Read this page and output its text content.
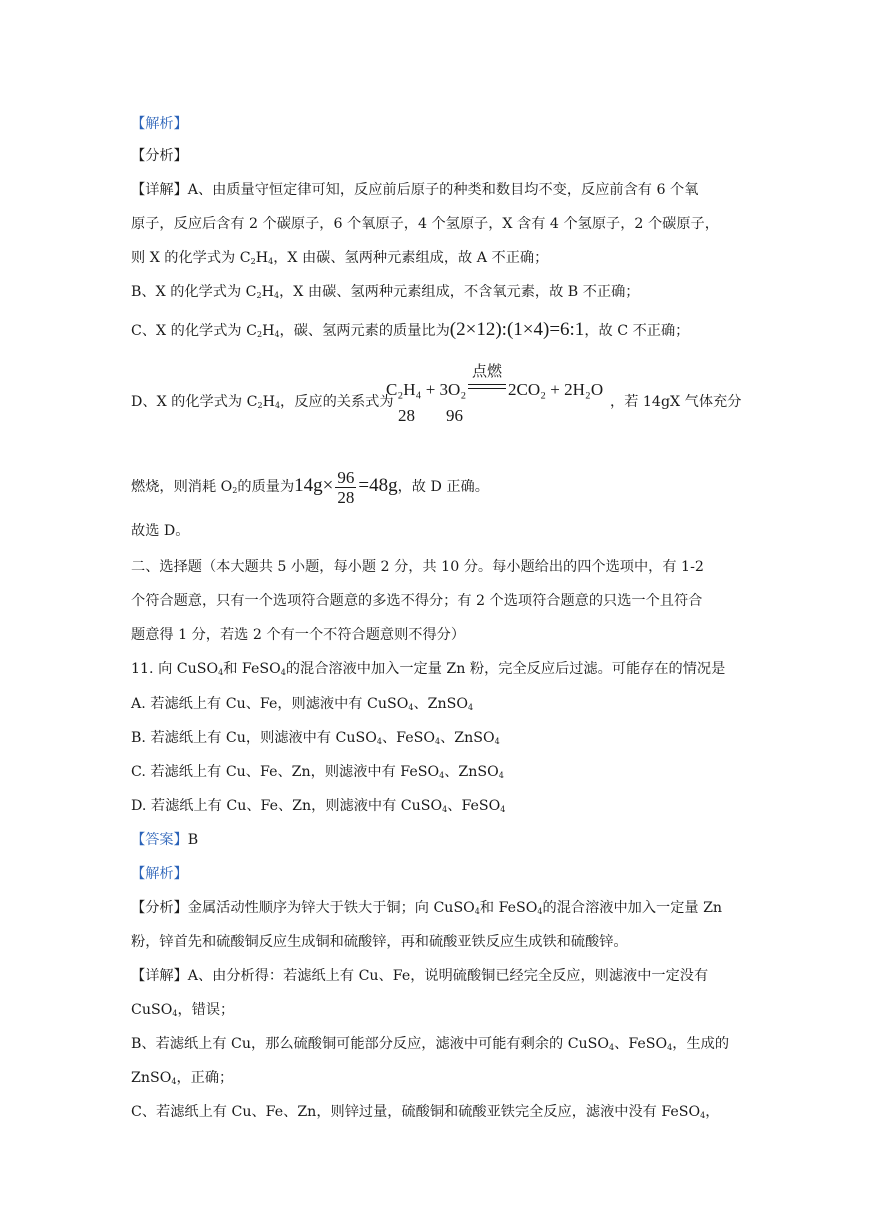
【解析】
【分析】
【详解】A、由质量守恒定律可知，反应前后原子的种类和数目均不变，反应前含有 6 个氧
原子，反应后含有 2 个碳原子，6 个氧原子，4 个氢原子，X 含有 4 个氢原子，2 个碳原子，
则 X 的化学式为 $C_2H_4$，X 由碳、氢两种元素组成，故 A 不正确；
B、X 的化学式为 $C_2H_4$，X 由碳、氢两种元素组成，不含氧元素，故 B 不正确；
C、X 的化学式为 $C_2H_4$，碳、氢两元素的质量比为(2×12):(1×4)=6:1，故 C 不正确；
D、X 的化学式为 $C_2H_4$，反应的关系式为
C₂H₄ + 3O₂
点燃
2CO₂ + 2H₂O
28 96
，若 14gX 气体充分
燃烧，则消耗 $O_2$的质量为$14g\times \frac{96}{28} =48g$，故 D 正确。
故选 D。
二、选择题（本大题共 5 小题，每小题 2 分，共 10 分。每小题给出的四个选项中，有 1-2
个符合题意，只有一个选项符合题意的多选不得分；有 2 个选项符合题意的只选一个且符合
题意得 1 分，若选 2 个有一个不符合题意则不得分）
11. 向 CuSO$_4$和 FeSO$_4$的混合溶液中加入一定量 Zn 粉，完全反应后过滤。可能存在的情况是
A. 若滤纸上有 Cu、Fe，则滤液中有 CuSO$_4$、ZnSO$_4$
B. 若滤纸上有 Cu，则滤液中有 CuSO$_4$、FeSO$_4$、ZnSO$_4$
C. 若滤纸上有 Cu、Fe、Zn，则滤液中有 FeSO$_4$、ZnSO$_4$
D. 若滤纸上有 Cu、Fe、Zn，则滤液中有 CuSO$_4$、FeSO$_4$
【答案】B
【解析】
【分析】金属活动性顺序为锌大于铁大于铜；向 CuSO$_4$和 FeSO$_4$的混合溶液中加入一定量 Zn
粉，锌首先和硫酸铜反应生成铜和硫酸锌，再和硫酸亚铁反应生成铁和硫酸锌。
【详解】A、由分析得：若滤纸上有 Cu、Fe，说明硫酸铜已经完全反应，则滤液中一定没有
CuSO$_4$，错误；
B、若滤纸上有 Cu，那么硫酸铜可能部分反应，滤液中可能有剩余的 CuSO$_4$、FeSO$_4$，生成的
ZnSO$_4$，正确；
C、若滤纸上有 Cu、Fe、Zn，则锌过量，硫酸铜和硫酸亚铁完全反应，滤液中没有 FeSO$_4$，
